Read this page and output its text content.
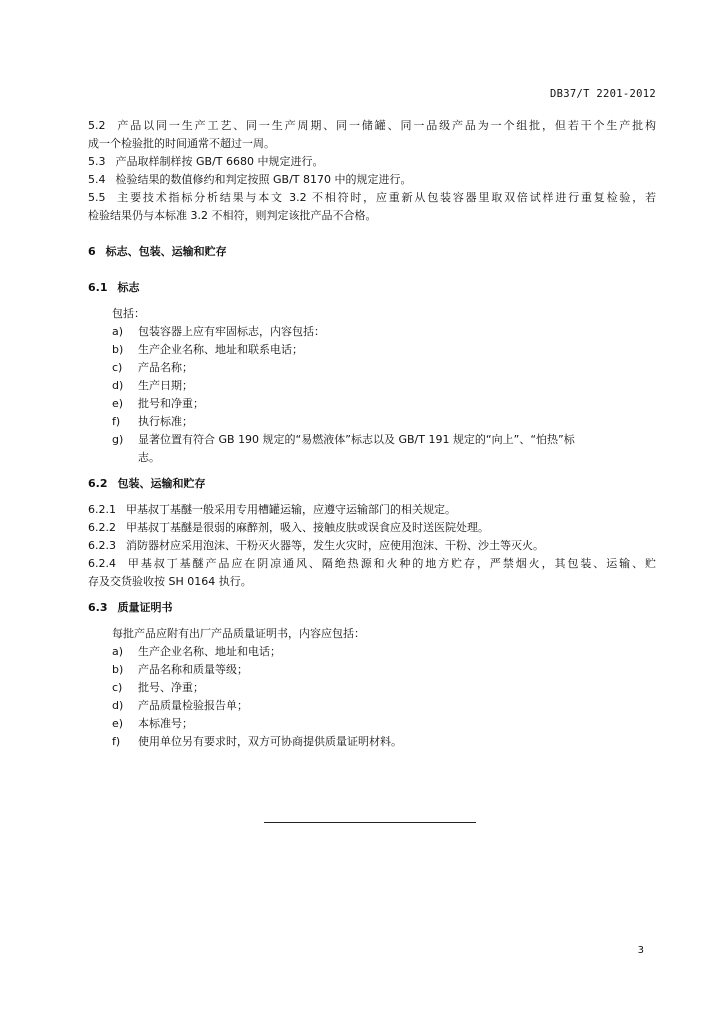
DB37/T 2201-2012
5.2 产品以同一生产工艺、同一生产周期、同一储罐、同一品级产品为一个组批，但若干个生产批构
成一个检验批的时间通常不超过一周。
5.3 产品取样制样按 GB/T 6680 中规定进行。
5.4 检验结果的数值修约和判定按照 GB/T 8170 中的规定进行。
5.5 主要技术指标分析结果与本文 3.2 不相符时，应重新从包装容器里取双倍试样进行重复检验，若
检验结果仍与本标准 3.2 不相符，则判定该批产品不合格。
6 标志、包装、运输和贮存
6.1 标志
包括：
a)	包装容器上应有牢固标志，内容包括：
b)	生产企业名称、地址和联系电话；
c)	产品名称；
d)	生产日期；
e)	批号和净重；
f)	执行标准；
g)	显著位置有符合 GB 190 规定的“易燃液体”标志以及 GB/T 191 规定的“向上”、“怕热”标
志。
6.2 包装、运输和贮存
6.2.1 甲基叔丁基醚一般采用专用槽罐运输，应遵守运输部门的相关规定。
6.2.2 甲基叔丁基醚是很弱的麻醉剂，吸入、接触皮肤或误食应及时送医院处理。
6.2.3 消防器材应采用泡沫、干粉灭火器等，发生火灾时，应使用泡沫、干粉、沙土等灭火。
6.2.4 甲基叔丁基醚产品应在阴凉通风、隔绝热源和火种的地方贮存，严禁烟火，其包装、运输、贮
存及交货验收按 SH 0164 执行。
6.3 质量证明书
每批产品应附有出厂产品质量证明书，内容应包括：
a)	生产企业名称、地址和电话；
b)	产品名称和质量等级；
c)	批号、净重；
d)	产品质量检验报告单；
e)	本标准号；
f)	使用单位另有要求时，双方可协商提供质量证明材料。
3
